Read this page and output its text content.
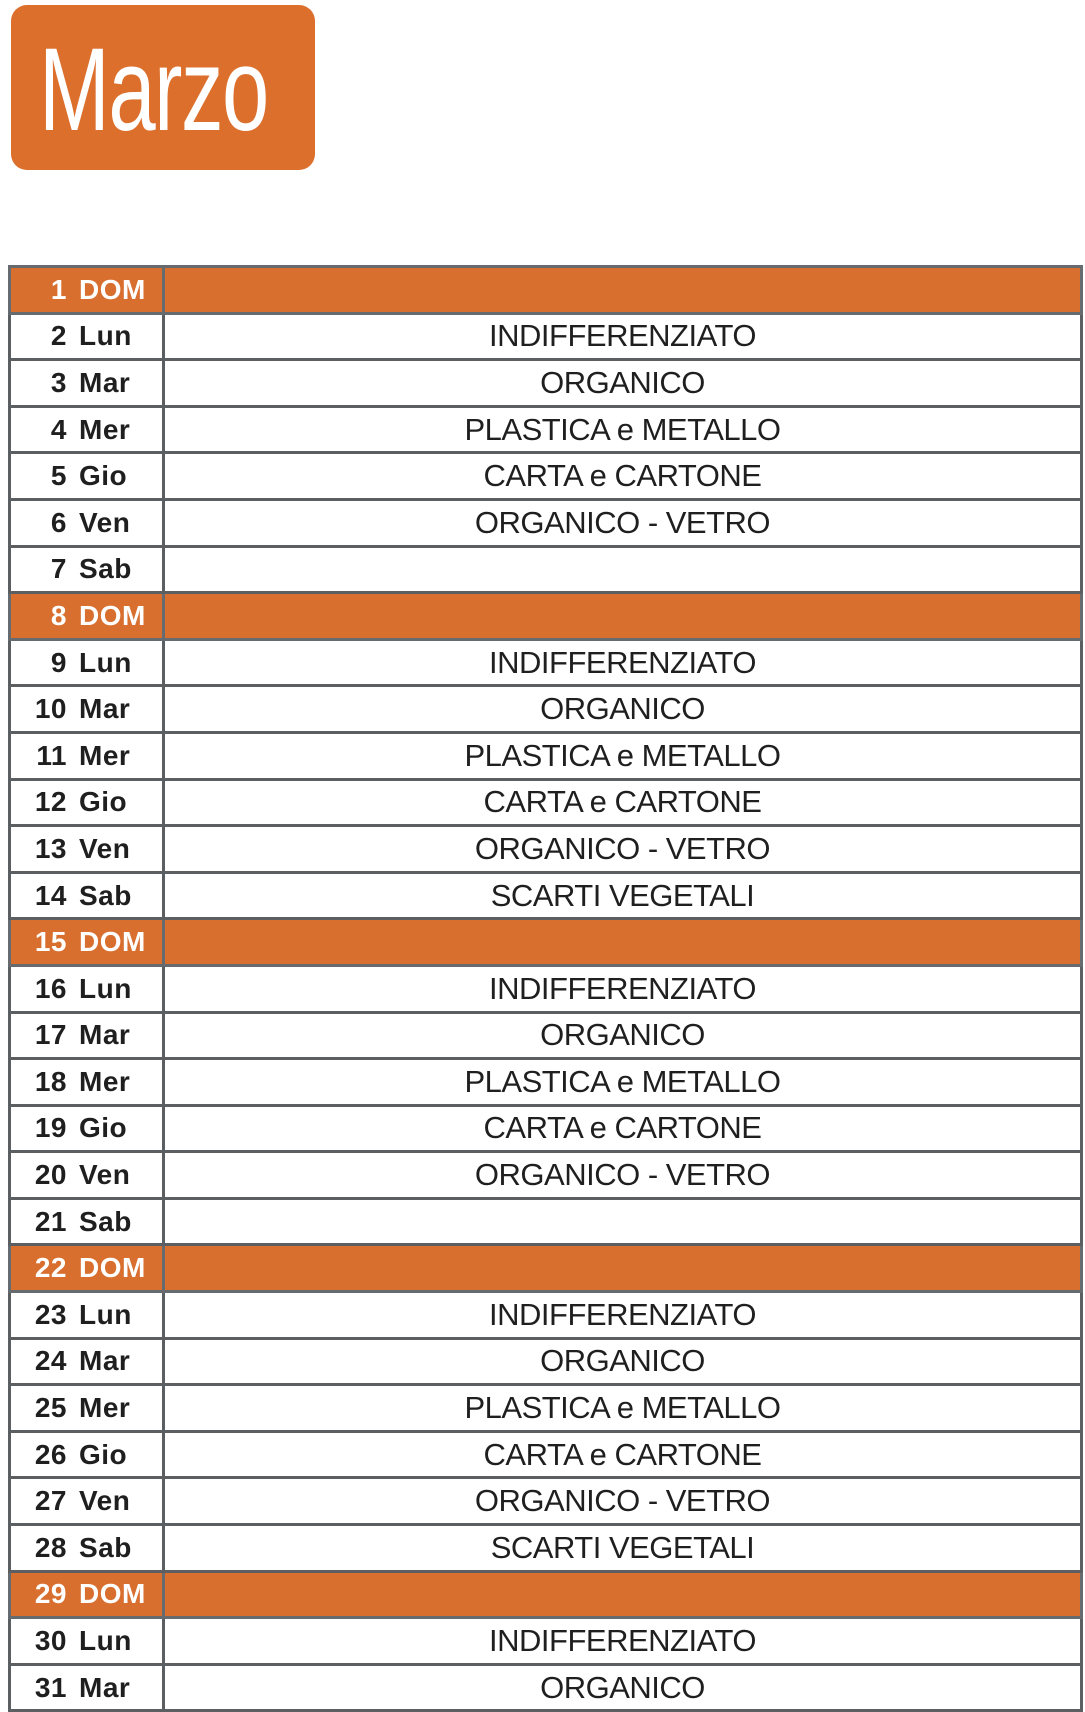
Marzo
1 DOM	

2 Lun	INDIFFERENZIATO

3 Mar	ORGANICO

4 Mer	PLASTICA e METALLO

5 Gio	CARTA e CARTONE

6 Ven	ORGANICO - VETRO

7 Sab	

8 DOM	

9 Lun	INDIFFERENZIATO

10 Mar	ORGANICO

11 Mer	PLASTICA e METALLO

12 Gio	CARTA e CARTONE

13 Ven	ORGANICO - VETRO

14 Sab	SCARTI VEGETALI

15 DOM	

16 Lun	INDIFFERENZIATO

17 Mar	ORGANICO

18 Mer	PLASTICA e METALLO

19 Gio	CARTA e CARTONE

20 Ven	ORGANICO - VETRO

21 Sab	

22 DOM	

23 Lun	INDIFFERENZIATO

24 Mar	ORGANICO

25 Mer	PLASTICA e METALLO

26 Gio	CARTA e CARTONE

27 Ven	ORGANICO - VETRO

28 Sab	SCARTI VEGETALI

29 DOM	

30 Lun	INDIFFERENZIATO

31 Mar	ORGANICO
